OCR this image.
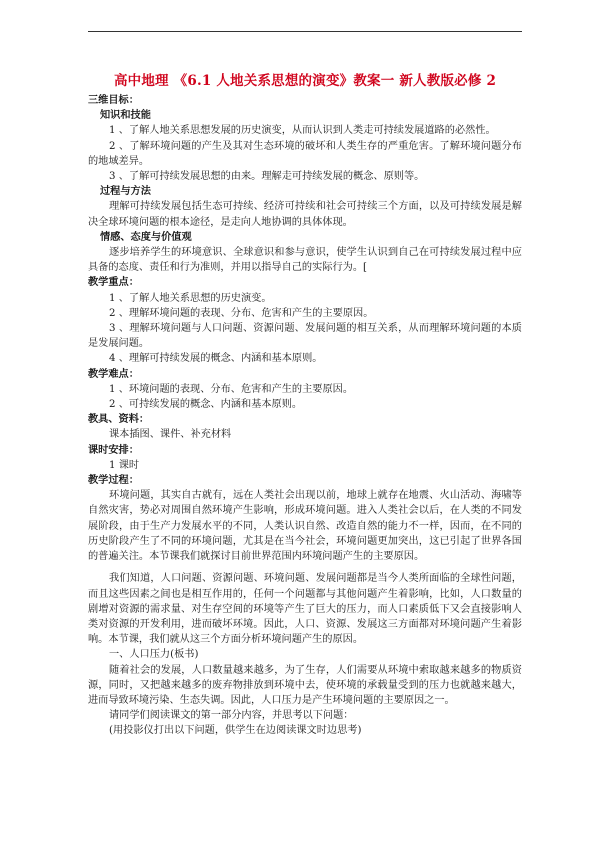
高中地理 《6.1 人地关系思想的演变》教案一 新人教版必修 2

三维目标：

知识和技能

1 、了解人地关系思想发展的历史演变，从而认识到人类走可持续发展道路的必然性。

2 、了解环境问题的产生及其对生态环境的破坏和人类生存的严重危害。了解环境问题分布的地域差异。

3 、了解可持续发展思想的由来。理解走可持续发展的概念、原则等。

过程与方法

理解可持续发展包括生态可持续、经济可持续和社会可持续三个方面，以及可持续发展是解决全球环境问题的根本途径，是走向人地协调的具体体现。

情感、态度与价值观

逐步培养学生的环境意识、全球意识和参与意识，使学生认识到自己在可持续发展过程中应具备的态度、责任和行为准则，并用以指导自己的实际行为。[

教学重点：

1 、了解人地关系思想的历史演变。

2 、理解环境问题的表现、分布、危害和产生的主要原因。

3 、理解环境问题与人口问题、资源问题、发展问题的相互关系，从而理解环境问题的本质是发展问题。

4 、理解可持续发展的概念、内涵和基本原则。

教学难点：

1 、环境问题的表现、分布、危害和产生的主要原因。

2 、可持续发展的概念、内涵和基本原则。

教具、资料：

课本插图、课件、补充材料

课时安排：

1 课时

教学过程：

环境问题，其实自古就有，远在人类社会出现以前，地球上就存在地震、火山活动、海啸等自然灾害，势必对周围自然环境产生影响，形成环境问题。进入人类社会以后，在人类的不同发展阶段，由于生产力发展水平的不同，人类认识自然、改造自然的能力不一样，因而，在不同的历史阶段产生了不同的环境问题，尤其是在当今社会，环境问题更加突出，这已引起了世界各国的普遍关注。本节课我们就探讨目前世界范围内环境问题产生的主要原因。

我们知道，人口问题、资源问题、环境问题、发展问题都是当今人类所面临的全球性问题，而且这些因素之间也是相互作用的，任何一个问题都与其他问题产生着影响，比如，人口数量的剧增对资源的需求量、对生存空间的环境等产生了巨大的压力，而人口素质低下又会直接影响人类对资源的开发利用，进而破坏环境。因此，人口、资源、发展这三方面都对环境问题产生着影响。本节课，我们就从这三个方面分析环境问题产生的原因。

一、人口压力(板书)

随着社会的发展，人口数量越来越多，为了生存，人们需要从环境中索取越来越多的物质资源，同时，又把越来越多的废弃物排放到环境中去，使环境的承载量受到的压力也就越来越大，进而导致环境污染、生态失调。因此，人口压力是产生环境问题的主要原因之一。

请同学们阅读课文的第一部分内容，并思考以下问题：

(用投影仪打出以下问题，供学生在边阅读课文时边思考)
